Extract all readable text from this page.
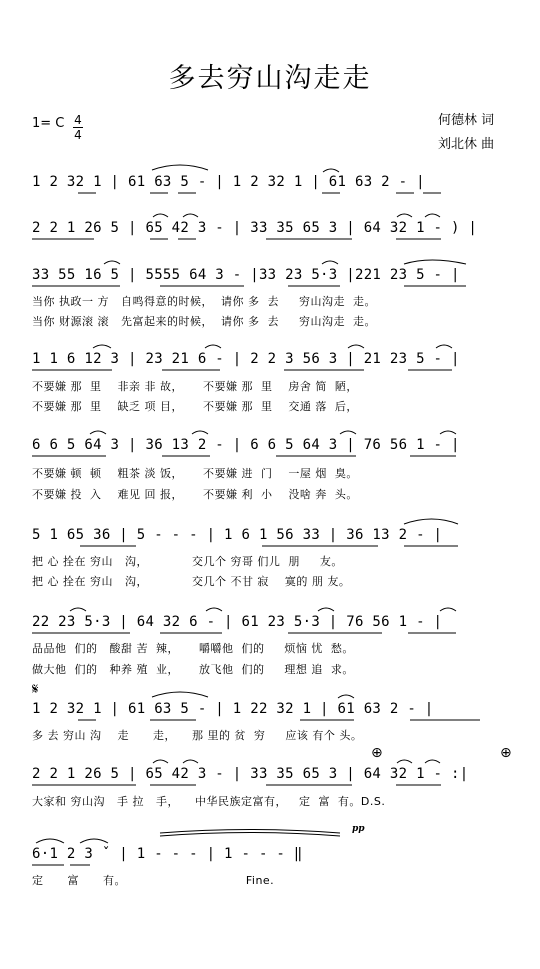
多去穷山沟走走
何德林 词
刘北休 曲
1= C 4
4
1 2 32 1 | 61 63 5 - | 1 2 32 1 | 61 63 2 - |
2 2 1 26 5 | 65 42 3 - | 33 35 65 3 | 64 32 1 - ) |
33 55 16 5 | 5555 64 3 - |33 23 5·3 |221 23 5 - |
当你 执政一 方   自鸣得意的时候，  请你 多  去     穷山沟走  走。
当你 财源滚 滚   先富起来的时候，  请你 多  去     穷山沟走  走。
1 1 6 12 3 | 23 21 6 - | 2 2 3 56 3 | 21 23 5 - |
不要嫌 那  里    非亲 非 故，     不要嫌 那  里    房舍 简  陋，
不要嫌 那  里    缺乏 项 目，     不要嫌 那  里    交通 落  后，
6 6 5 64 3 | 36 13 2 - | 6 6 5 64 3 | 76 56 1 - |
不要嫌 顿  顿    粗茶 淡 饭，     不要嫌 进  门    一屋 烟  臭。
不要嫌 投  入    难见 回 报，     不要嫌 利  小    没啥 奔  头。
5 1 65 36 | 5 - - - | 1 6 1 56 33 | 36 13 2 - |
把 心 拴在 穷山   沟，           交几个 穷哥 们儿  朋     友。
把 心 拴在 穷山   沟，           交几个 不甘 寂    寞的 朋 友。
22 23 5·3 | 64 32 6 - | 61 23 5·3 | 76 56 1 - |
品品他  们的   酸甜 苦  辣，     嚼嚼他  们的     烦恼 忧  愁。
做大他  们的   种养 殖  业，     放飞他  们的     理想 追  求。
𝄋
1 2 32 1 | 61 63 5 - | 1 22 32 1 | 61 63 2 - |
多 去 穷山 沟    走      走，    那 里的 贫  穷     应该 有个 头。
⊕	⊕
2 2 1 26 5 | 65 42 3 - | 33 35 65 3 | 64 32 1 - :|
大家和 穷山沟   手 拉   手，    中华民族定富有，   定  富  有。D.S.
pp
6·1 2 3 ˇ | 1 - - - | 1 - - - ‖
定      富      有。                              Fine.
